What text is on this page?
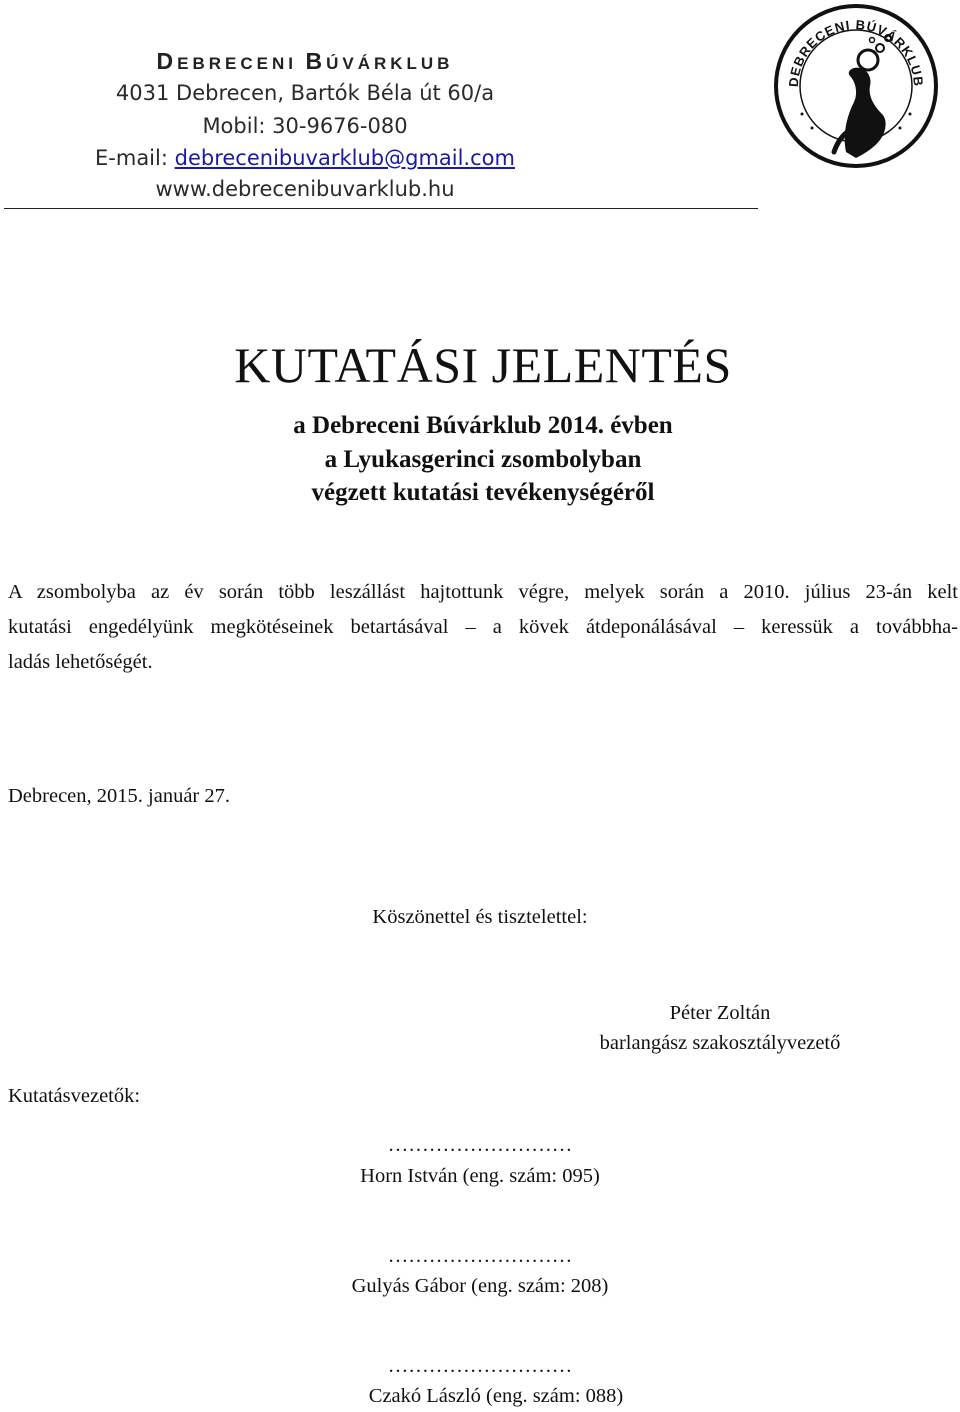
DEBRECENI BÚVÁRKLUB
4031 Debrecen, Bartók Béla út 60/a
Mobil: 30-9676-080
E-mail: debrecenibuvarklub@gmail.com
www.debrecenibuvarklub.hu
DEBRECENI BÚVÁRKLUB
KUTATÁSI JELENTÉS
a Debreceni Búvárklub 2014. évben
a Lyukasgerinci zsombolyban
végzett kutatási tevékenységéről
A zsombolyba az év során több leszállást hajtottunk végre, melyek során a 2010. július 23-án kelt
kutatási engedélyünk megkötéseinek betartásával – a kövek átdeponálásával – keressük a továbbha-
ladás lehetőségét.
Debrecen, 2015. január 27.
Köszönettel és tisztelettel:
Péter Zoltán
barlangász szakosztályvezető
Kutatásvezetők:
………………………
Horn István (eng. szám: 095)
………………………
Gulyás Gábor (eng. szám: 208)
………………………
Czakó László (eng. szám: 088)
